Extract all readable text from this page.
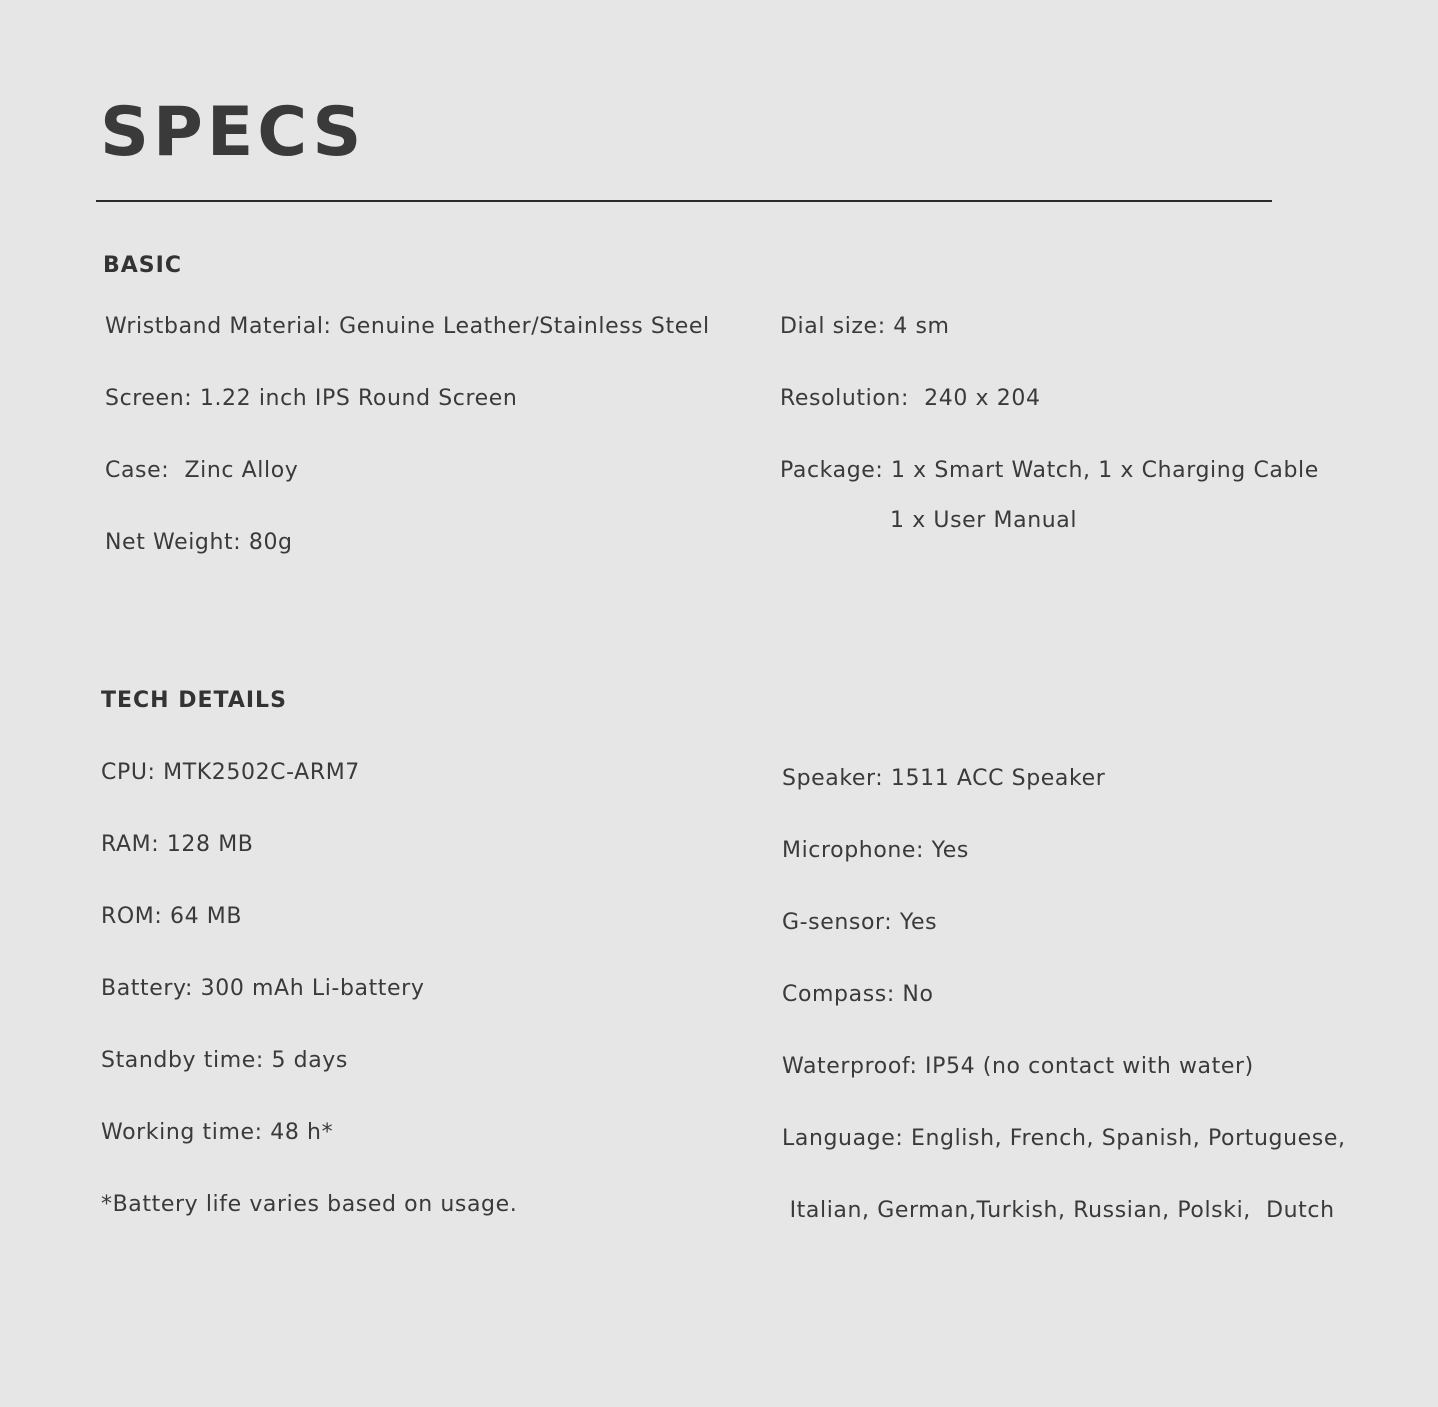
SPECS
BASIC

Wristband Material: Genuine Leather/Stainless Steel

Screen: 1.22 inch IPS Round Screen

Case:  Zinc Alloy

Net Weight: 80g

Dial size: 4 sm

Resolution:  240 x 204

Package: 1 x Smart Watch, 1 x Charging Cable

1 x User Manual

TECH DETAILS

CPU: MTK2502C-ARM7

RAM: 128 MB

ROM: 64 MB

Battery: 300 mAh Li-battery

Standby time: 5 days

Working time: 48 h*

*Battery life varies based on usage.

Speaker: 1511 ACC Speaker

Microphone: Yes

G-sensor: Yes

Compass: No

Waterproof: IP54 (no contact with water)

Language: English, French, Spanish, Portuguese,

Italian, German,Turkish, Russian, Polski,  Dutch
